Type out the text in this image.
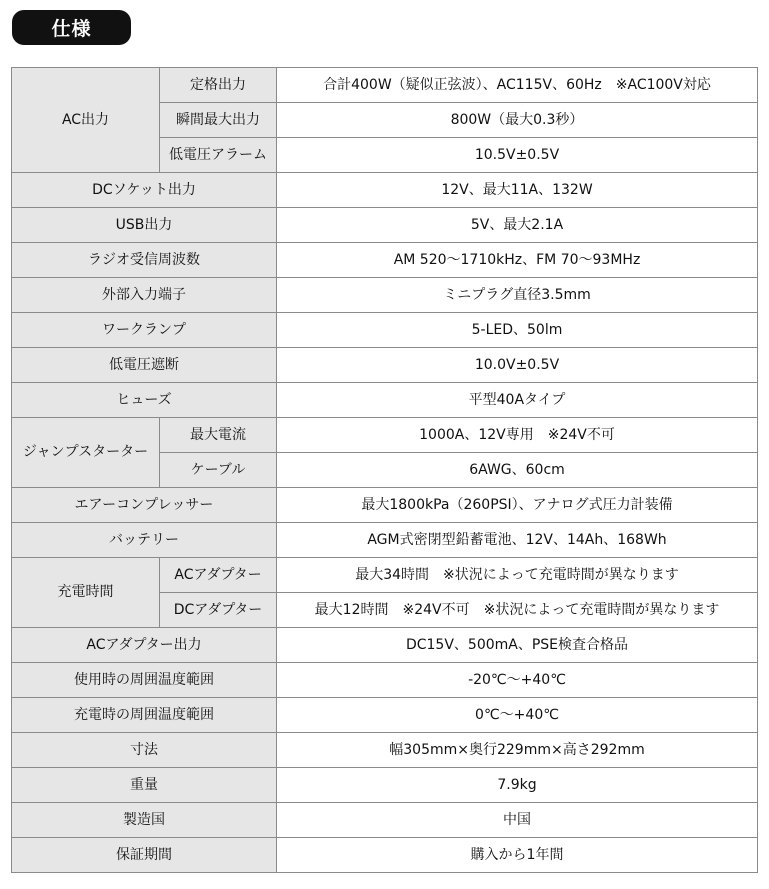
仕様
AC出力	定格出力	合計400W（疑似正弦波）、AC115V、60Hz　※AC100V対応
	瞬間最大出力	800W（最大0.3秒）
	低電圧アラーム	10.5V±0.5V
DCソケット出力		12V、最大11A、132W
USB出力		5V、最大2.1A
ラジオ受信周波数		AM 520～1710kHz、FM 70～93MHz
外部入力端子		ミニプラグ直径3.5mm
ワークランプ		5-LED、50lm
低電圧遮断		10.0V±0.5V
ヒューズ		平型40Aタイプ
ジャンプスターター	最大電流	1000A、12V専用　※24V不可
	ケーブル	6AWG、60cm
エアーコンプレッサー		最大1800kPa（260PSI）、アナログ式圧力計装備
バッテリー		AGM式密閉型鉛蓄電池、12V、14Ah、168Wh
充電時間	ACアダプター	最大34時間　※状況によって充電時間が異なります
	DCアダプター	最大12時間　※24V不可　※状況によって充電時間が異なります
ACアダプター出力		DC15V、500mA、PSE検査合格品
使用時の周囲温度範囲		-20℃～+40℃
充電時の周囲温度範囲		0℃～+40℃
寸法		幅305mm×奥行229mm×高さ292mm
重量		7.9kg
製造国		中国
保証期間		購入から1年間
